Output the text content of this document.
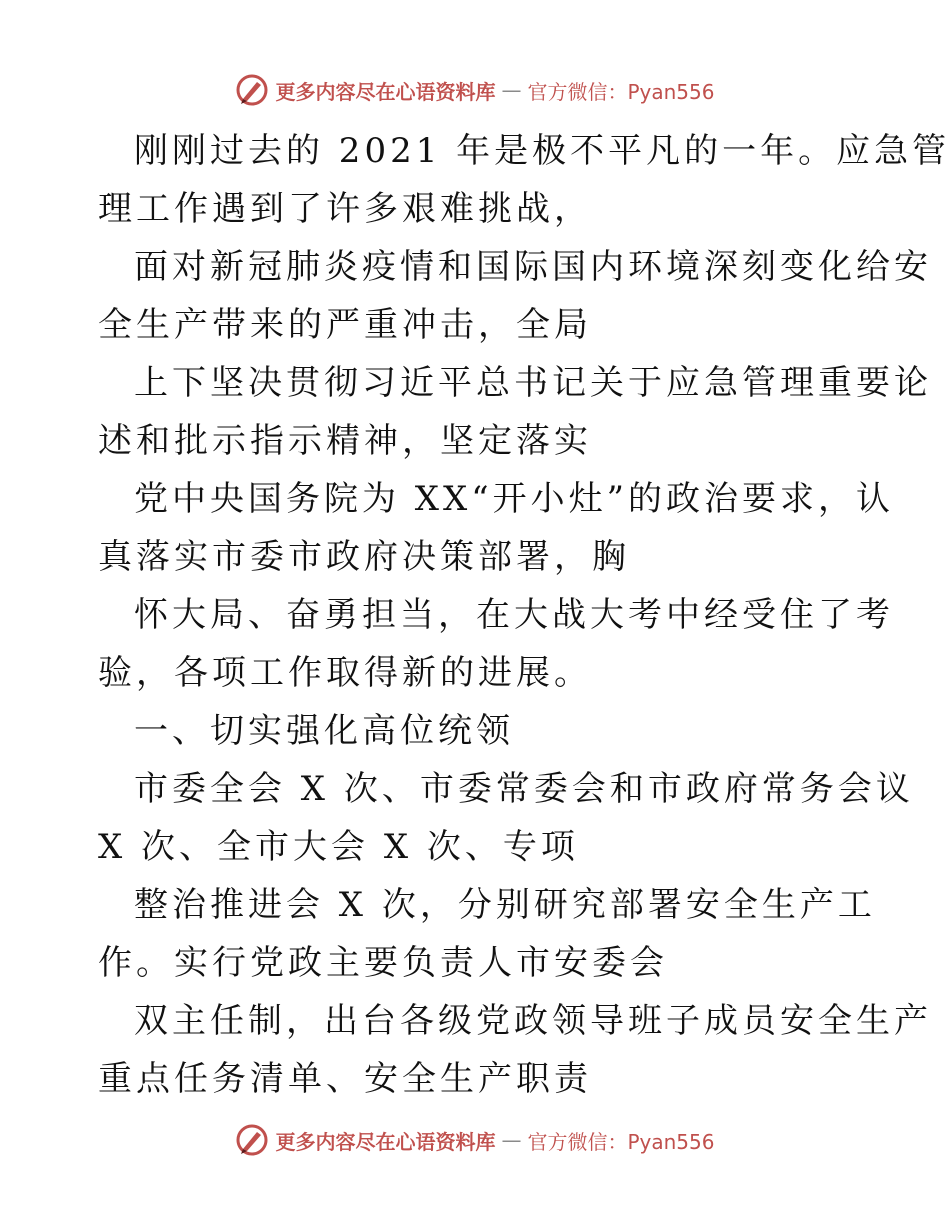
更多内容尽在心语资料库 — 官方微信：Pyan556
刚刚过去的 2021 年是极不平凡的一年。应急管
理工作遇到了许多艰难挑战，
面对新冠肺炎疫情和国际国内环境深刻变化给安
全生产带来的严重冲击，全局
上下坚决贯彻习近平总书记关于应急管理重要论
述和批示指示精神，坚定落实
党中央国务院为 XX“开小灶”的政治要求，认
真落实市委市政府决策部署，胸
怀大局、奋勇担当，在大战大考中经受住了考
验，各项工作取得新的进展。
一、切实强化高位统领
市委全会 X 次、市委常委会和市政府常务会议
X 次、全市大会 X 次、专项
整治推进会 X 次，分别研究部署安全生产工
作。实行党政主要负责人市安委会
双主任制，出台各级党政领导班子成员安全生产
重点任务清单、安全生产职责
更多内容尽在心语资料库 — 官方微信：Pyan556
